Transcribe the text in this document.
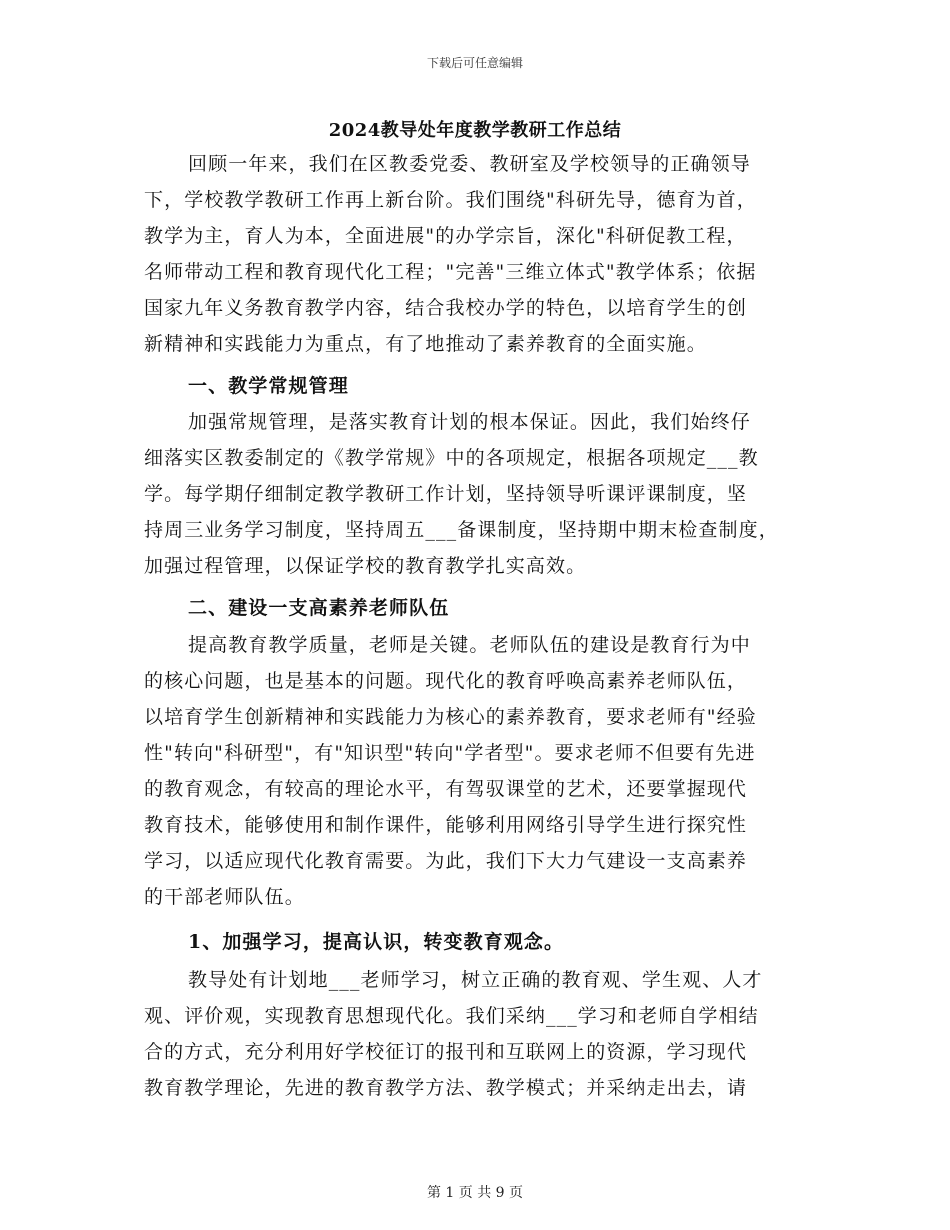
下载后可任意编辑
2024教导处年度教学教研工作总结
回顾一年来，我们在区教委党委、教研室及学校领导的正确领导
下，学校教学教研工作再上新台阶。我们围绕"科研先导，德育为首，
教学为主，育人为本，全面进展"的办学宗旨，深化"科研促教工程，
名师带动工程和教育现代化工程；"完善"三维立体式"教学体系；依据
国家九年义务教育教学内容，结合我校办学的特色，以培育学生的创
新精神和实践能力为重点，有了地推动了素养教育的全面实施。
一、教学常规管理
加强常规管理，是落实教育计划的根本保证。因此，我们始终仔
细落实区教委制定的《教学常规》中的各项规定，根据各项规定___教
学。每学期仔细制定教学教研工作计划，坚持领导听课评课制度，坚
持周三业务学习制度，坚持周五___备课制度，坚持期中期末检查制度，
加强过程管理，以保证学校的教育教学扎实高效。
二、建设一支高素养老师队伍
提高教育教学质量，老师是关键。老师队伍的建设是教育行为中
的核心问题，也是基本的问题。现代化的教育呼唤高素养老师队伍，
以培育学生创新精神和实践能力为核心的素养教育，要求老师有"经验
性"转向"科研型"，有"知识型"转向"学者型"。要求老师不但要有先进
的教育观念，有较高的理论水平，有驾驭课堂的艺术，还要掌握现代
教育技术，能够使用和制作课件，能够利用网络引导学生进行探究性
学习，以适应现代化教育需要。为此，我们下大力气建设一支高素养
的干部老师队伍。
1、加强学习，提高认识，转变教育观念。
教导处有计划地___老师学习，树立正确的教育观、学生观、人才
观、评价观，实现教育思想现代化。我们采纳___学习和老师自学相结
合的方式，充分利用好学校征订的报刊和互联网上的资源，学习现代
教育教学理论，先进的教育教学方法、教学模式；并采纳走出去，请
第 1 页 共 9 页
